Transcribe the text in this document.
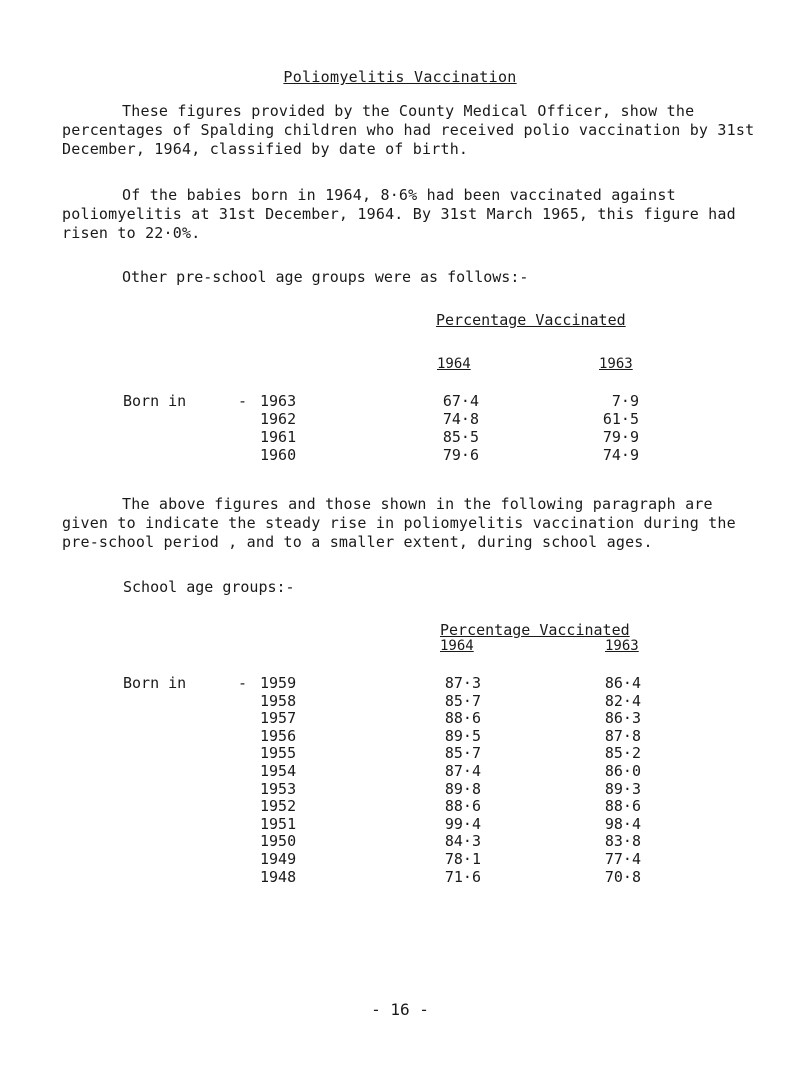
Poliomyelitis Vaccination

These figures provided by the County Medical Officer, show the percentages of Spalding children who had received polio vaccination by 31st December, 1964, classified by date of birth.

Of the babies born in 1964, 8·6% had been vaccinated against poliomyelitis at 31st December, 1964. By 31st March 1965, this figure had risen to 22·0%.

Other pre-school age groups were as follows:-
Percentage Vaccinated
1964	1963
Born in	- 1963	67·4	7·9
1962	74·8	61·5
1961	85·5	79·9
1960	79·6	74·9

The above figures and those shown in the following paragraph are given to indicate the steady rise in poliomyelitis vaccination during the pre-school period , and to a smaller extent, during school ages.

School age groups:-
Percentage Vaccinated
1964	1963
Born in	- 1959	87·3	86·4
1958	85·7	82·4
1957	88·6	86·3
1956	89·5	87·8
1955	85·7	85·2
1954	87·4	86·0
1953	89·8	89·3
1952	88·6	88·6
1951	99·4	98·4
1950	84·3	83·8
1949	78·1	77·4
1948	71·6	70·8
- 16 -
